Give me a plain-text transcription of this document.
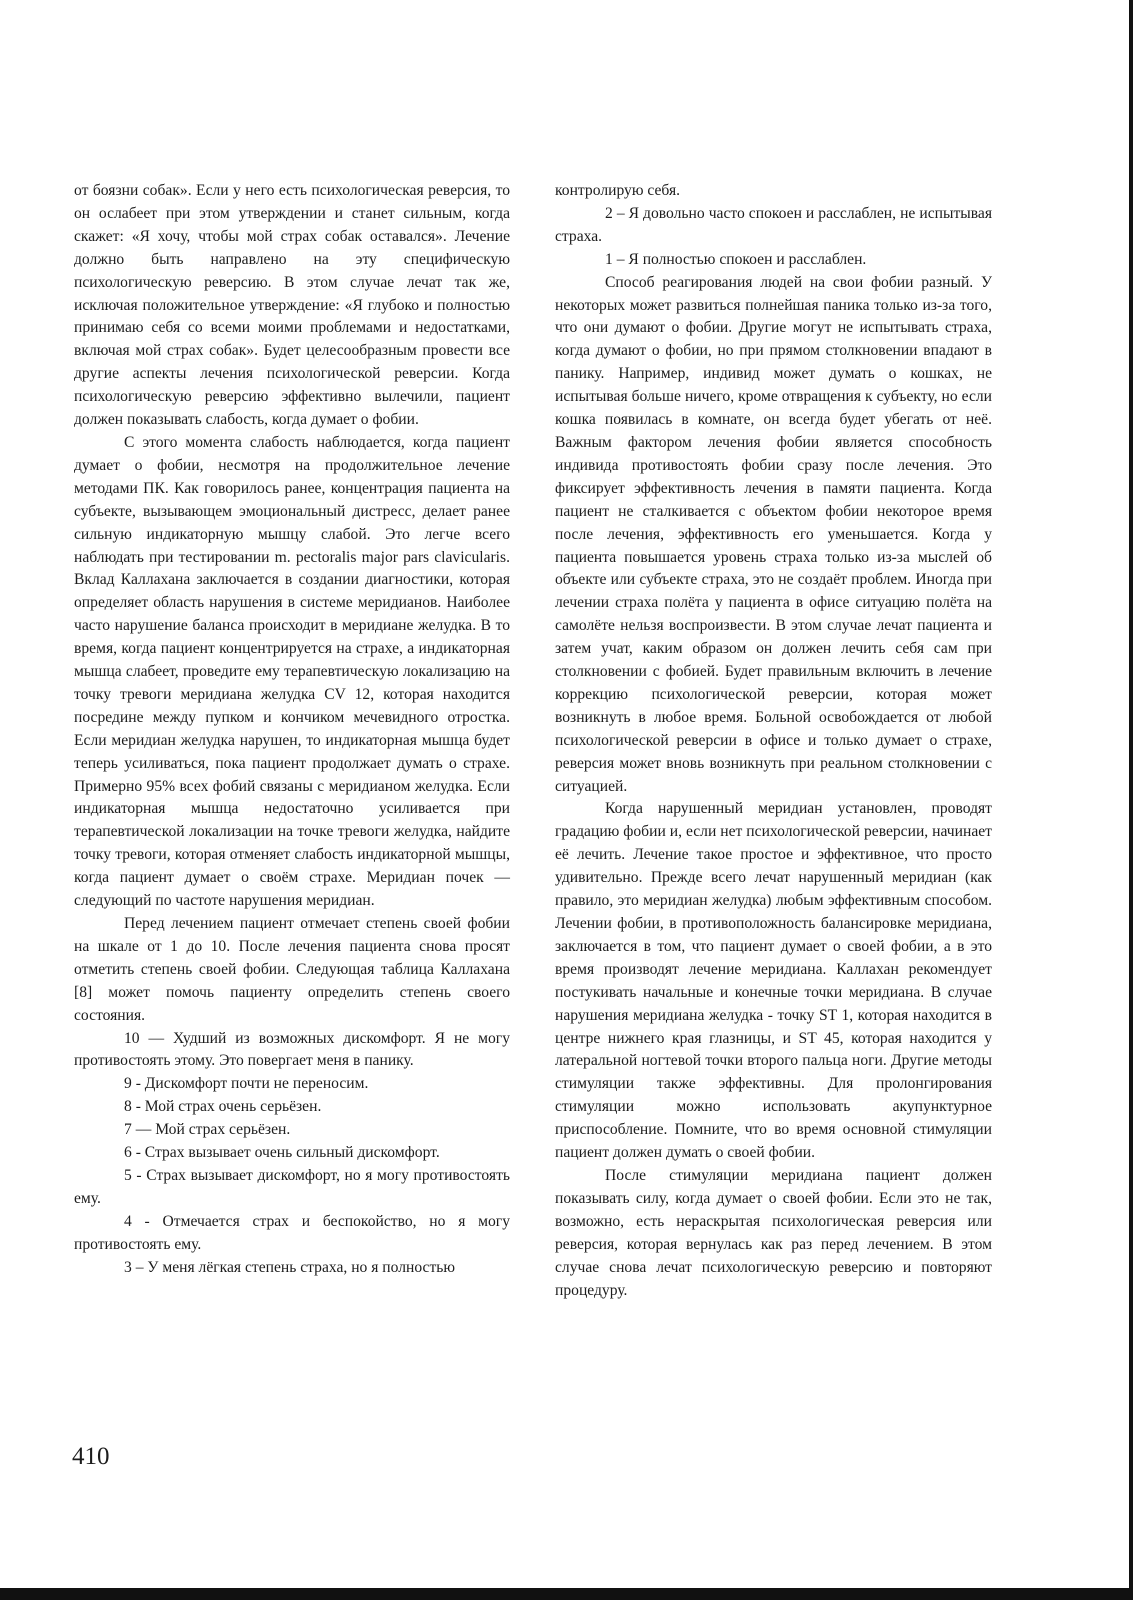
от боязни собак». Если у него есть психологическая реверсия, то он ослабеет при этом утверждении и станет сильным, когда скажет: «Я хочу, чтобы мой страх собак оставался». Лечение должно быть направлено на эту специфическую психологическую реверсию. В этом случае лечат так же, исключая положительное утверждение: «Я глубоко и полностью принимаю себя со всеми моими проблемами и недостатками, включая мой страх собак». Будет целесообразным провести все другие аспекты лечения психологической реверсии. Когда психологическую реверсию эффективно вылечили, пациент должен показывать слабость, когда думает о фобии.

С этого момента слабость наблюдается, когда пациент думает о фобии, несмотря на продолжительное лечение методами ПК. Как говорилось ранее, концентрация пациента на субъекте, вызывающем эмоциональный дистресс, делает ранее сильную индикаторную мышцу слабой. Это легче всего наблюдать при тестировании m. pectoralis major pars clavicularis. Вклад Каллахана заключается в создании диагностики, которая определяет область нарушения в системе меридианов. Наиболее часто нарушение баланса происходит в меридиане желудка. В то время, когда пациент концентрируется на страхе, а индикаторная мышца слабеет, проведите ему терапевтическую локализацию на точку тревоги меридиана желудка CV 12, которая находится посредине между пупком и кончиком мечевидного отростка. Если меридиан желудка нарушен, то индикаторная мышца будет теперь усиливаться, пока пациент продолжает думать о страхе. Примерно 95% всех фобий связаны с меридианом желудка. Если индикаторная мышца недостаточно усиливается при терапевтической локализации на точке тревоги желудка, найдите точку тревоги, которая отменяет слабость индикаторной мышцы, когда пациент думает о своём страхе. Меридиан почек — следующий по частоте нарушения меридиан.

Перед лечением пациент отмечает степень своей фобии на шкале от 1 до 10. После лечения пациента снова просят отметить степень своей фобии. Следующая таблица Каллахана [8] может помочь пациенту определить степень своего состояния.

10 — Худший из возможных дискомфорт. Я не могу противостоять этому. Это повергает меня в панику.

9 - Дискомфорт почти не переносим.

8 - Мой страх очень серьёзен.

7 — Мой страх серьёзен.

6 - Страх вызывает очень сильный дискомфорт.

5 - Страх вызывает дискомфорт, но я могу противостоять ему.

4 - Отмечается страх и беспокойство, но я могу противостоять ему.

3 – У меня лёгкая степень страха, но я полностью

контролирую себя.

2 – Я довольно часто спокоен и расслаблен, не испытывая страха.

1 – Я полностью спокоен и расслаблен.

Способ реагирования людей на свои фобии разный. У некоторых может развиться полнейшая паника только из-за того, что они думают о фобии. Другие могут не испытывать страха, когда думают о фобии, но при прямом столкновении впадают в панику. Например, индивид может думать о кошках, не испытывая больше ничего, кроме отвращения к субъекту, но если кошка появилась в комнате, он всегда будет убегать от неё. Важным фактором лечения фобии является способность индивида противостоять фобии сразу после лечения. Это фиксирует эффективность лечения в памяти пациента. Когда пациент не сталкивается с объектом фобии некоторое время после лечения, эффективность его уменьшается. Когда у пациента повышается уровень страха только из-за мыслей об объекте или субъекте страха, это не создаёт проблем. Иногда при лечении страха полёта у пациента в офисе ситуацию полёта на самолёте нельзя воспроизвести. В этом случае лечат пациента и затем учат, каким образом он должен лечить себя сам при столкновении с фобией. Будет правильным включить в лечение коррекцию психологической реверсии, которая может возникнуть в любое время. Больной освобождается от любой психологической реверсии в офисе и только думает о страхе, реверсия может вновь возникнуть при реальном столкновении с ситуацией.

Когда нарушенный меридиан установлен, проводят градацию фобии и, если нет психологической реверсии, начинает её лечить. Лечение такое простое и эффективное, что просто удивительно. Прежде всего лечат нарушенный меридиан (как правило, это меридиан желудка) любым эффективным способом. Лечении фобии, в противоположность балансировке меридиана, заключается в том, что пациент думает о своей фобии, а в это время производят лечение меридиана. Каллахан рекомендует постукивать начальные и конечные точки меридиана. В случае нарушения меридиана желудка - точку ST 1, которая находится в центре нижнего края глазницы, и ST 45, которая находится у латеральной ногтевой точки второго пальца ноги. Другие методы стимуляции также эффективны. Для пролонгирования стимуляции можно использовать акупунктурное приспособление. Помните, что во время основной стимуляции пациент должен думать о своей фобии.

После стимуляции меридиана пациент должен показывать силу, когда думает о своей фобии. Если это не так, возможно, есть нераскрытая психологическая реверсия или реверсия, которая вернулась как раз перед лечением. В этом случае снова лечат психологическую реверсию и повторяют процедуру.

410
